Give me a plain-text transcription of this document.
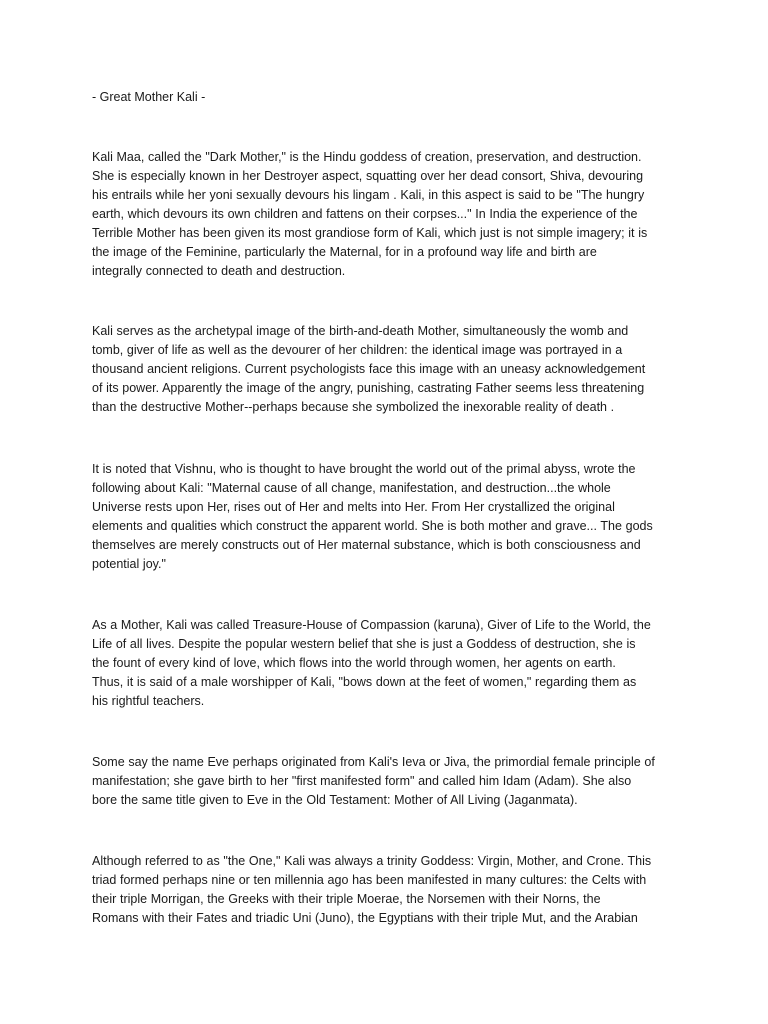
- Great Mother Kali -

Kali Maa, called the "Dark Mother," is the Hindu goddess of creation, preservation, and destruction.
She is especially known in her Destroyer aspect, squatting over her dead consort, Shiva, devouring
his entrails while her yoni sexually devours his lingam . Kali, in this aspect is said to be "The hungry
earth, which devours its own children and fattens on their corpses..." In India the experience of the
Terrible Mother has been given its most grandiose form of Kali, which just is not simple imagery; it is
the image of the Feminine, particularly the Maternal, for in a profound way life and birth are
integrally connected to death and destruction.

Kali serves as the archetypal image of the birth-and-death Mother, simultaneously the womb and
tomb, giver of life as well as the devourer of her children: the identical image was portrayed in a
thousand ancient religions. Current psychologists face this image with an uneasy acknowledgement
of its power. Apparently the image of the angry, punishing, castrating Father seems less threatening
than the destructive Mother--perhaps because she symbolized the inexorable reality of death .

It is noted that Vishnu, who is thought to have brought the world out of the primal abyss, wrote the
following about Kali: "Maternal cause of all change, manifestation, and destruction...the whole
Universe rests upon Her, rises out of Her and melts into Her. From Her crystallized the original
elements and qualities which construct the apparent world. She is both mother and grave... The gods
themselves are merely constructs out of Her maternal substance, which is both consciousness and
potential joy."

As a Mother, Kali was called Treasure-House of Compassion (karuna), Giver of Life to the World, the
Life of all lives. Despite the popular western belief that she is just a Goddess of destruction, she is
the fount of every kind of love, which flows into the world through women, her agents on earth.
Thus, it is said of a male worshipper of Kali, "bows down at the feet of women," regarding them as
his rightful teachers.

Some say the name Eve perhaps originated from Kali's Ieva or Jiva, the primordial female principle of
manifestation; she gave birth to her "first manifested form" and called him Idam (Adam). She also
bore the same title given to Eve in the Old Testament: Mother of All Living (Jaganmata).

Although referred to as "the One," Kali was always a trinity Goddess: Virgin, Mother, and Crone. This
triad formed perhaps nine or ten millennia ago has been manifested in many cultures: the Celts with
their triple Morrigan, the Greeks with their triple Moerae, the Norsemen with their Norns, the
Romans with their Fates and triadic Uni (Juno), the Egyptians with their triple Mut, and the Arabian
